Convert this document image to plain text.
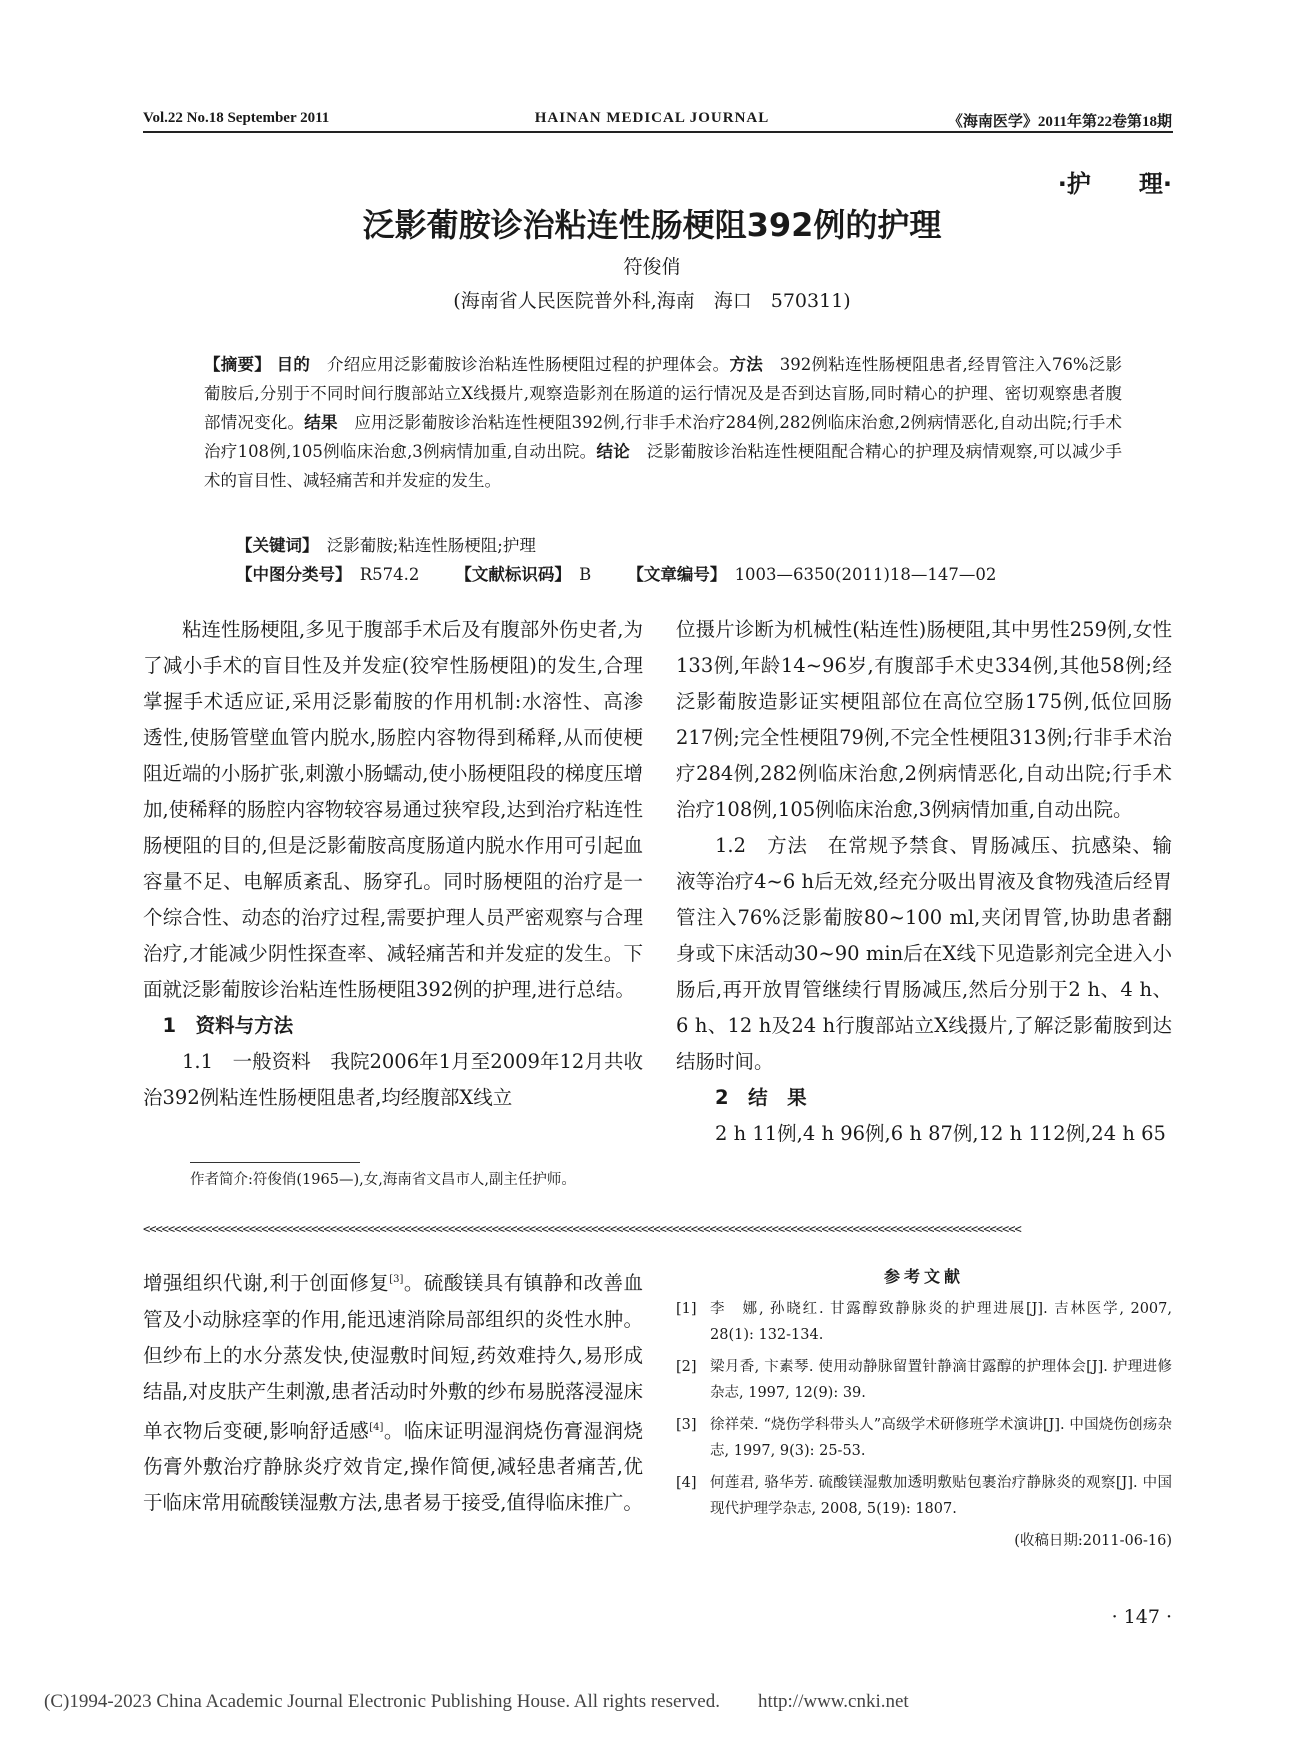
Vol.22 No.18 September 2011	HAINAN MEDICAL JOURNAL	《海南医学》2011年第22卷第18期
·护　　理·
泛影葡胺诊治粘连性肠梗阻392例的护理
符俊俏
(海南省人民医院普外科,海南　海口　570311)
【摘要】 目的　 介绍应用泛影葡胺诊治粘连性肠梗阻过程的护理体会。方法　 392例粘连性肠梗阻患者,经胃管注入76%泛影葡胺后,分别于不同时间行腹部站立X线摄片,观察造影剂在肠道的运行情况及是否到达盲肠,同时精心的护理、密切观察患者腹部情况变化。结果　 应用泛影葡胺诊治粘连性梗阻392例,行非手术治疗284例,282例临床治愈,2例病情恶化,自动出院;行手术治疗108例,105例临床治愈,3例病情加重,自动出院。结论　 泛影葡胺诊治粘连性梗阻配合精心的护理及病情观察,可以减少手术的盲目性、减轻痛苦和并发症的发生。
【关键词】　 泛影葡胺;粘连性肠梗阻;护理
【中图分类号】　 R574.2 【文献标识码】　 B 【文章编号】　 1003—6350(2011)18—147—02

粘连性肠梗阻,多见于腹部手术后及有腹部外伤史者,为了减小手术的盲目性及并发症(狡窄性肠梗阻)的发生,合理掌握手术适应证,采用泛影葡胺的作用机制:水溶性、高渗透性,使肠管壁血管内脱水,肠腔内容物得到稀释,从而使梗阻近端的小肠扩张,刺激小肠蠕动,使小肠梗阻段的梯度压增加,使稀释的肠腔内容物较容易通过狭窄段,达到治疗粘连性肠梗阻的目的,但是泛影葡胺高度肠道内脱水作用可引起血容量不足、电解质紊乱、肠穿孔。同时肠梗阻的治疗是一个综合性、动态的治疗过程,需要护理人员严密观察与合理治疗,才能减少阴性探查率、减轻痛苦和并发症的发生。下面就泛影葡胺诊治粘连性肠梗阻392例的护理,进行总结。

1　资料与方法

1.1　一般资料　我院2006年1月至2009年12月共收治392例粘连性肠梗阻患者,均经腹部X线立

位摄片诊断为机械性(粘连性)肠梗阻,其中男性259例,女性133例,年龄14~96岁,有腹部手术史334例,其他58例;经泛影葡胺造影证实梗阻部位在高位空肠175例,低位回肠217例;完全性梗阻79例,不完全性梗阻313例;行非手术治疗284例,282例临床治愈,2例病情恶化,自动出院;行手术治疗108例,105例临床治愈,3例病情加重,自动出院。

1.2　方法　在常规予禁食、胃肠减压、抗感染、输液等治疗4~6 h后无效,经充分吸出胃液及食物残渣后经胃管注入76%泛影葡胺80~100 ml,夹闭胃管,协助患者翻身或下床活动30~90 min后在X线下见造影剂完全进入小肠后,再开放胃管继续行胃肠减压,然后分别于2 h、4 h、6 h、12 h及24 h行腹部站立X线摄片,了解泛影葡胺到达结肠时间。

2　结　果

2 h 11例,4 h 96例,6 h 87例,12 h 112例,24 h 65

作者简介:符俊俏(1965—),女,海南省文昌市人,副主任护师。
<<<<<<<<<<<<<<<<<<<<<<<<<<<<<<<<<<<<<<<<<<<<<<<<<<<<<<<<<<<<<<<<<<<<<<<<<<<<<<<<<<<<<<<<<<<<<<<<<<<<<<<<<<<<<<<<<<<<<<<<<<<<<<<<<<<<<<<<<<<<<

增强组织代谢,利于创面修复[3]。硫酸镁具有镇静和改善血管及小动脉痉挛的作用,能迅速消除局部组织的炎性水肿。但纱布上的水分蒸发快,使湿敷时间短,药效难持久,易形成结晶,对皮肤产生刺激,患者活动时外敷的纱布易脱落浸湿床单衣物后变硬,影响舒适感[4]。临床证明湿润烧伤膏湿润烧伤膏外敷治疗静脉炎疗效肯定,操作简便,减轻患者痛苦,优于临床常用硫酸镁湿敷方法,患者易于接受,值得临床推广。

参考文献
[1] 李　娜, 孙晓红. 甘露醇致静脉炎的护理进展[J]. 吉林医学, 2007, 28(1): 132-134.
[2] 梁月香, 卞素琴. 使用动静脉留置针静滴甘露醇的护理体会[J]. 护理进修杂志, 1997, 12(9): 39.
[3] 徐祥荣. “烧伤学科带头人”高级学术研修班学术演讲[J]. 中国烧伤创疡杂志, 1997, 9(3): 25-53.
[4] 何莲君, 骆华芳. 硫酸镁湿敷加透明敷贴包裹治疗静脉炎的观察[J]. 中国现代护理学杂志, 2008, 5(19): 1807.
(收稿日期:2011-06-16)
· 147 ·
(C)1994-2023 China Academic Journal Electronic Publishing House. All rights reserved.　　http://www.cnki.net
